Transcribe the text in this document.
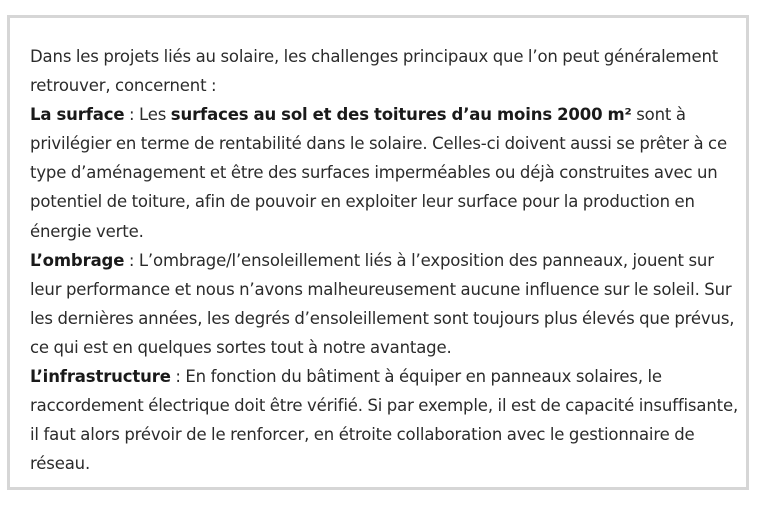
Dans les projets liés au solaire, les challenges principaux que l’on peut généralement retrouver, concernent :

La surface : Les surfaces au sol et des toitures d’au moins 2000 m² sont à privilégier en terme de rentabilité dans le solaire. Celles-ci doivent aussi se prêter à ce type d’aménagement et être des surfaces imperméables ou déjà construites avec un potentiel de toiture, afin de pouvoir en exploiter leur surface pour la production en énergie verte.

L’ombrage : L’ombrage/l’ensoleillement liés à l’exposition des panneaux, jouent sur leur performance et nous n’avons malheureusement aucune influence sur le soleil. Sur les dernières années, les degrés d’ensoleillement sont toujours plus élevés que prévus, ce qui est en quelques sortes tout à notre avantage.

L’infrastructure : En fonction du bâtiment à équiper en panneaux solaires, le raccordement électrique doit être vérifié. Si par exemple, il est de capacité insuffisante, il faut alors prévoir de le renforcer, en étroite collaboration avec le gestionnaire de réseau.
